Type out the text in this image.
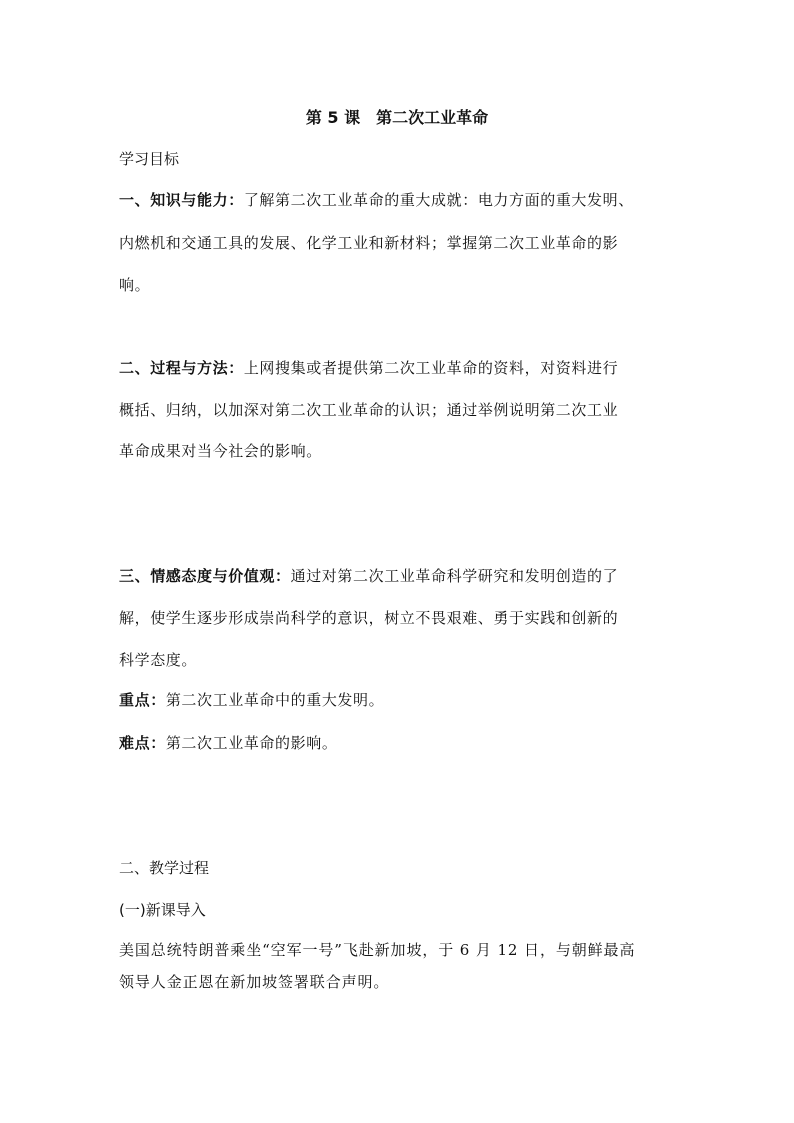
第 5 课　第二次工业革命
学习目标
一、知识与能力：了解第二次工业革命的重大成就：电力方面的重大发明、
内燃机和交通工具的发展、化学工业和新材料；掌握第二次工业革命的影
响。
二、过程与方法：上网搜集或者提供第二次工业革命的资料，对资料进行
概括、归纳，以加深对第二次工业革命的认识；通过举例说明第二次工业
革命成果对当今社会的影响。
三、情感态度与价值观：通过对第二次工业革命科学研究和发明创造的了
解，使学生逐步形成崇尚科学的意识，树立不畏艰难、勇于实践和创新的
科学态度。
重点：第二次工业革命中的重大发明。
难点：第二次工业革命的影响。
二、教学过程
(一)新课导入
美国总统特朗普乘坐“空军一号”飞赴新加坡，于 6 月 12 日，与朝鲜最高
领导人金正恩在新加坡签署联合声明。
